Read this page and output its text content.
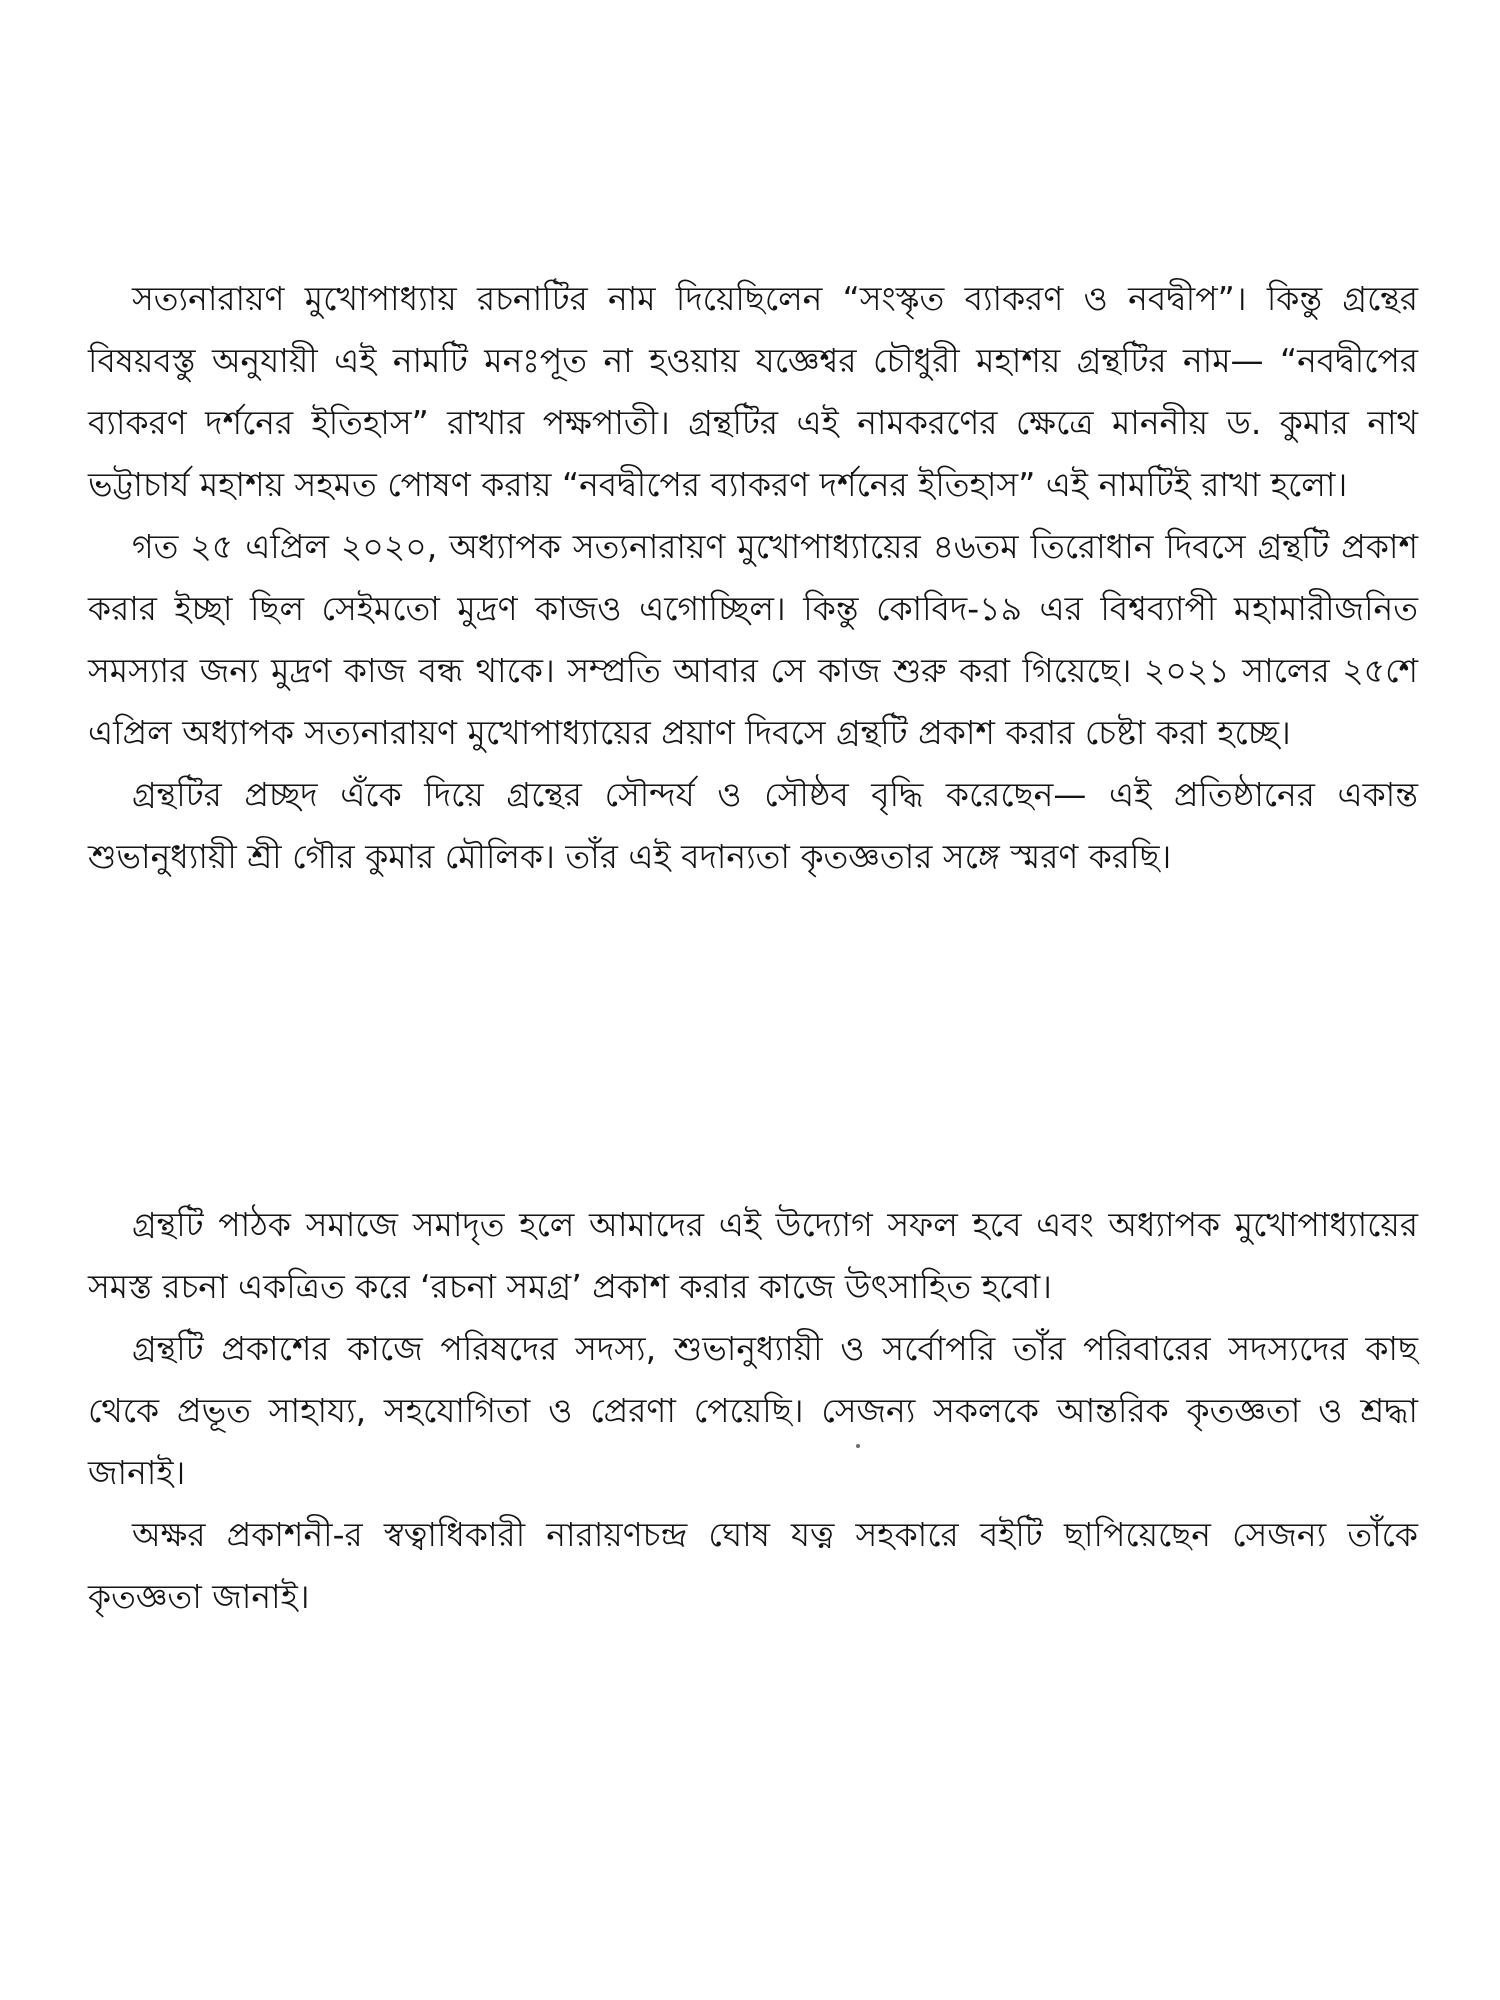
সত্যনারায়ণ মুখোপাধ্যায় রচনাটির নাম দিয়েছিলেন “সংস্কৃত ব্যাকরণ ও নবদ্বীপ”। কিন্তু গ্রন্থের বিষয়বস্তু অনুযায়ী এই নামটি মনঃপূত না হওয়ায় যজ্ঞেশ্বর চৌধুরী মহাশয় গ্রন্থটির নাম— “নবদ্বীপের ব্যাকরণ দর্শনের ইতিহাস” রাখার পক্ষপাতী। গ্রন্থটির এই নামকরণের ক্ষেত্রে মাননীয় ড. কুমার নাথ ভট্টাচার্য মহাশয় সহমত পোষণ করায় “নবদ্বীপের ব্যাকরণ দর্শনের ইতিহাস” এই নামটিই রাখা হলো।

গত ২৫ এপ্রিল ২০২০, অধ্যাপক সত্যনারায়ণ মুখোপাধ্যায়ের ৪৬তম তিরোধান দিবসে গ্রন্থটি প্রকাশ করার ইচ্ছা ছিল সেইমতো মুদ্রণ কাজও এগোচ্ছিল। কিন্তু কোবিদ-১৯ এর বিশ্বব্যাপী মহামারীজনিত সমস্যার জন্য মুদ্রণ কাজ বন্ধ থাকে। সম্প্রতি আবার সে কাজ শুরু করা গিয়েছে। ২০২১ সালের ২৫শে এপ্রিল অধ্যাপক সত্যনারায়ণ মুখোপাধ্যায়ের প্রয়াণ দিবসে গ্রন্থটি প্রকাশ করার চেষ্টা করা হচ্ছে।

গ্রন্থটির প্রচ্ছদ এঁকে দিয়ে গ্রন্থের সৌন্দর্য ও সৌষ্ঠব বৃদ্ধি করেছেন— এই প্রতিষ্ঠানের একান্ত শুভানুধ্যায়ী শ্রী গৌর কুমার মৌলিক। তাঁর এই বদান্যতা কৃতজ্ঞতার সঙ্গে স্মরণ করছি।

গ্রন্থটি পাঠক সমাজে সমাদৃত হলে আমাদের এই উদ্যোগ সফল হবে এবং অধ্যাপক মুখোপাধ্যায়ের সমস্ত রচনা একত্রিত করে ‘রচনা সমগ্র’ প্রকাশ করার কাজে উৎসাহিত হবো।

গ্রন্থটি প্রকাশের কাজে পরিষদের সদস্য, শুভানুধ্যায়ী ও সর্বোপরি তাঁর পরিবারের সদস্যদের কাছ থেকে প্রভূত সাহায্য, সহযোগিতা ও প্রেরণা পেয়েছি। সেজন্য সকলকে আন্তরিক কৃতজ্ঞতা ও শ্রদ্ধা জানাই।

অক্ষর প্রকাশনী-র স্বত্বাধিকারী নারায়ণচন্দ্র ঘোষ যত্ন সহকারে বইটি ছাপিয়েছেন সেজন্য তাঁকে কৃতজ্ঞতা জানাই।
